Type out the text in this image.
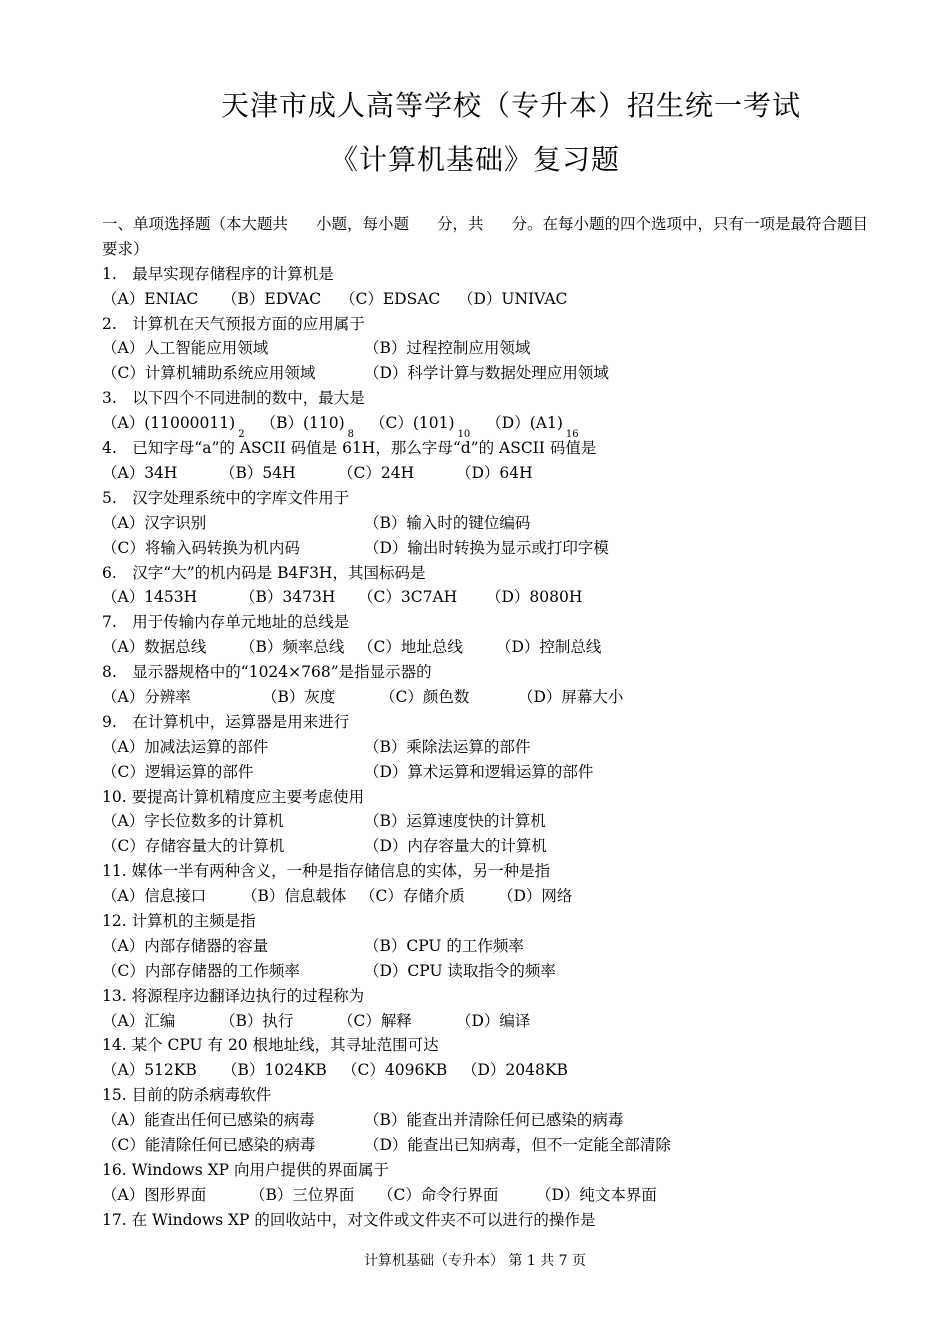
天津市成人高等学校（专升本）招生统一考试
《计算机基础》复习题
一、单项选择题（本大题共 小题，每小题 分，共 分。在每小题的四个选项中，只有一项是最符合题目要求）
1. 最早实现存储程序的计算机是
（A）ENIAC	（B）EDVAC	（C）EDSAC	（D）UNIVAC
2. 计算机在天气预报方面的应用属于
（A）人工智能应用领域	（B）过程控制应用领域
（C）计算机辅助系统应用领域	（D）科学计算与数据处理应用领域
3. 以下四个不同进制的数中，最大是
$(A)(11000011)_2(B)(110)_8(C)(101)_{10}(D)(A1)_{16}$
4. 已知字母“a”的 ASCII 码值是 61H，那么字母“d”的 ASCII 码值是
（A）34H	（B）54H	（C）24H	（D）64H
5. 汉字处理系统中的字库文件用于
（A）汉字识别	（B）输入时的键位编码
（C）将输入码转换为机内码	（D）输出时转换为显示或打印字模
6. 汉字“大”的机内码是 B4F3H，其国标码是
（A）1453H	（B）3473H	（C）3C7AH	（D）8080H
7. 用于传输内存单元地址的总线是
（A）数据总线	（B）频率总线 （C）地址总线	（D）控制总线
8. 显示器规格中的“1024×768”是指显示器的
（A）分辨率	（B）灰度	（C）颜色数	（D）屏幕大小
9. 在计算机中，运算器是用来进行
（A）加减法运算的部件	（B）乘除法运算的部件
（C）逻辑运算的部件	（D）算术运算和逻辑运算的部件
10. 要提高计算机精度应主要考虑使用
（A）字长位数多的计算机	（B）运算速度快的计算机
（C）存储容量大的计算机	（D）内存容量大的计算机
11. 媒体一半有两种含义，一种是指存储信息的实体，另一种是指
（A）信息接口	（B）信息载体 （C）存储介质	（D）网络
12. 计算机的主频是指
（A）内部存储器的容量	（B）CPU 的工作频率
（C）内部存储器的工作频率	（D）CPU 读取指令的频率
13. 将源程序边翻译边执行的过程称为
（A）汇编	（B）执行	（C）解释	（D）编译
14. 某个 CPU 有 20 根地址线，其寻址范围可达
（A）512KB	（B）1024KB （C）4096KB （D）2048KB
15. 目前的防杀病毒软件
（A）能查出任何已感染的病毒	（B）能查出并清除任何已感染的病毒
（C）能清除任何已感染的病毒	（D）能查出已知病毒，但不一定能全部清除
16. Windows XP 向用户提供的界面属于
（A）图形界面	（B）三位界面	（C）命令行界面	（D）纯文本界面
17. 在 Windows XP 的回收站中，对文件或文件夹不可以进行的操作是
计算机基础（专升本） 第 1 共 7 页
